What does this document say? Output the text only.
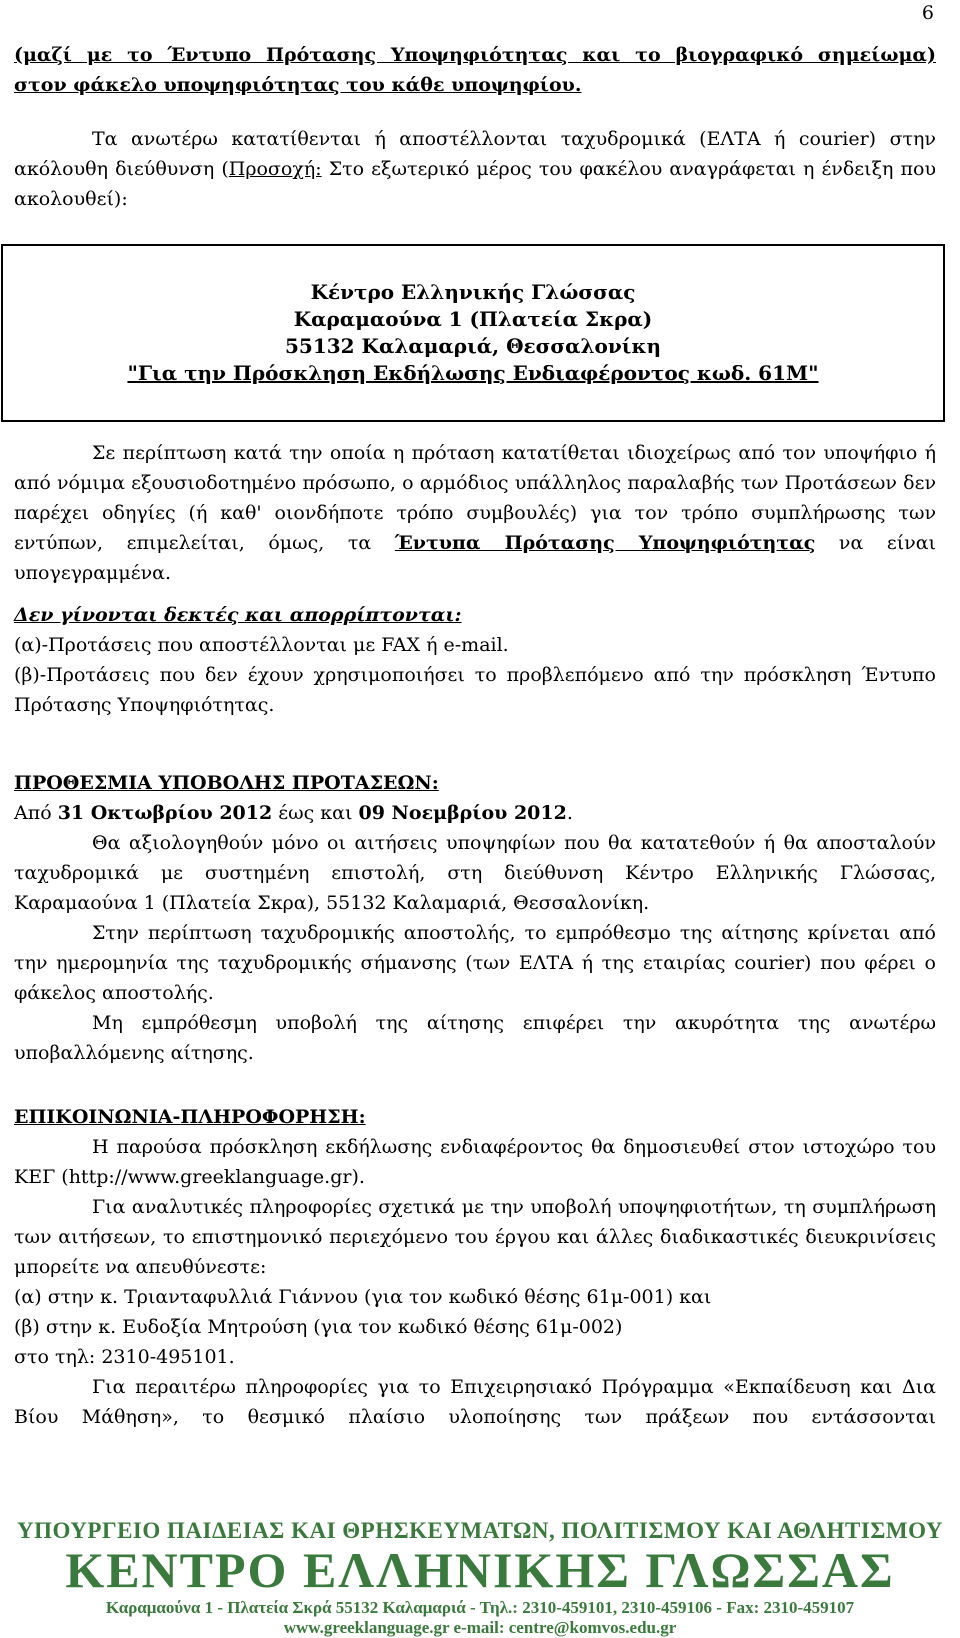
6

(μαζί με το Έντυπο Πρότασης Υποψηφιότητας και το βιογραφικό σημείωμα)

στον φάκελο υποψηφιότητας του κάθε υποψηφίου.

Τα ανωτέρω κατατίθενται ή αποστέλλονται ταχυδρομικά (ΕΛΤΑ ή courier) στην ακόλουθη διεύθυνση (Προσοχή: Στο εξωτερικό μέρος του φακέλου αναγράφεται η ένδειξη που ακολουθεί):

Κέντρο Ελληνικής Γλώσσας
Καραμαούνα 1 (Πλατεία Σκρα)
55132 Καλαμαριά, Θεσσαλονίκη
"Για την Πρόσκληση Εκδήλωσης Ενδιαφέροντος κωδ. 61Μ"

Σε περίπτωση κατά την οποία η πρόταση κατατίθεται ιδιοχείρως από τον υποψήφιο ή από νόμιμα εξουσιοδοτημένο πρόσωπο, ο αρμόδιος υπάλληλος παραλαβής των Προτάσεων δεν παρέχει οδηγίες (ή καθ' οιονδήποτε τρόπο συμβουλές) για τον τρόπο συμπλήρωσης των εντύπων, επιμελείται, όμως, τα Έντυπα Πρότασης Υποψηφιότητας να είναι υπογεγραμμένα.

Δεν γίνονται δεκτές και απορρίπτονται:

(α)-Προτάσεις που αποστέλλονται με FAX ή e-mail.

(β)-Προτάσεις που δεν έχουν χρησιμοποιήσει το προβλεπόμενο από την πρόσκληση Έντυπο Πρότασης Υποψηφιότητας.

ΠΡΟΘΕΣΜΙΑ ΥΠΟΒΟΛΗΣ ΠΡΟΤΑΣΕΩΝ:

Από 31 Οκτωβρίου 2012 έως και 09 Νοεμβρίου 2012.

Θα αξιολογηθούν μόνο οι αιτήσεις υποψηφίων που θα κατατεθούν ή θα αποσταλούν ταχυδρομικά με συστημένη επιστολή, στη διεύθυνση Κέντρο Ελληνικής Γλώσσας, Καραμαούνα 1 (Πλατεία Σκρα), 55132 Καλαμαριά, Θεσσαλονίκη.

Στην περίπτωση ταχυδρομικής αποστολής, το εμπρόθεσμο της αίτησης κρίνεται από την ημερομηνία της ταχυδρομικής σήμανσης (των ΕΛΤΑ ή της εταιρίας courier) που φέρει ο φάκελος αποστολής.

Μη εμπρόθεσμη υποβολή της αίτησης επιφέρει την ακυρότητα της ανωτέρω υποβαλλόμενης αίτησης.

ΕΠΙΚΟΙΝΩΝΙΑ-ΠΛΗΡΟΦΟΡΗΣΗ:

Η παρούσα πρόσκληση εκδήλωσης ενδιαφέροντος θα δημοσιευθεί στον ιστοχώρο του ΚΕΓ (http://www.greeklanguage.gr).

Για αναλυτικές πληροφορίες σχετικά με την υποβολή υποψηφιοτήτων, τη συμπλήρωση των αιτήσεων, το επιστημονικό περιεχόμενο του έργου και άλλες διαδικαστικές διευκρινίσεις μπορείτε να απευθύνεστε:

(α) στην κ. Τριανταφυλλιά Γιάννου (για τον κωδικό θέσης 61μ-001) και

(β) στην κ. Ευδοξία Μητρούση (για τον κωδικό θέσης 61μ-002)

στο τηλ: 2310-495101.

Για περαιτέρω πληροφορίες για το Επιχειρησιακό Πρόγραμμα «Εκπαίδευση και Δια Βίου Μάθηση», το θεσμικό πλαίσιο υλοποίησης των πράξεων που εντάσσονται

ΥΠΟΥΡΓΕΙΟ ΠΑΙΔΕΙΑΣ ΚΑΙ ΘΡΗΣΚΕΥΜΑΤΩΝ, ΠΟΛΙΤΙΣΜΟΥ ΚΑΙ ΑΘΛΗΤΙΣΜΟΥ
ΚΕΝΤΡΟ ΕΛΛΗΝΙΚΗΣ ΓΛΩΣΣΑΣ
Καραμαούνα 1 - Πλατεία Σκρά 55132 Καλαμαριά - Τηλ.: 2310-459101, 2310-459106 - Fax: 2310-459107
www.greeklanguage.gr e-mail: centre@komvos.edu.gr
